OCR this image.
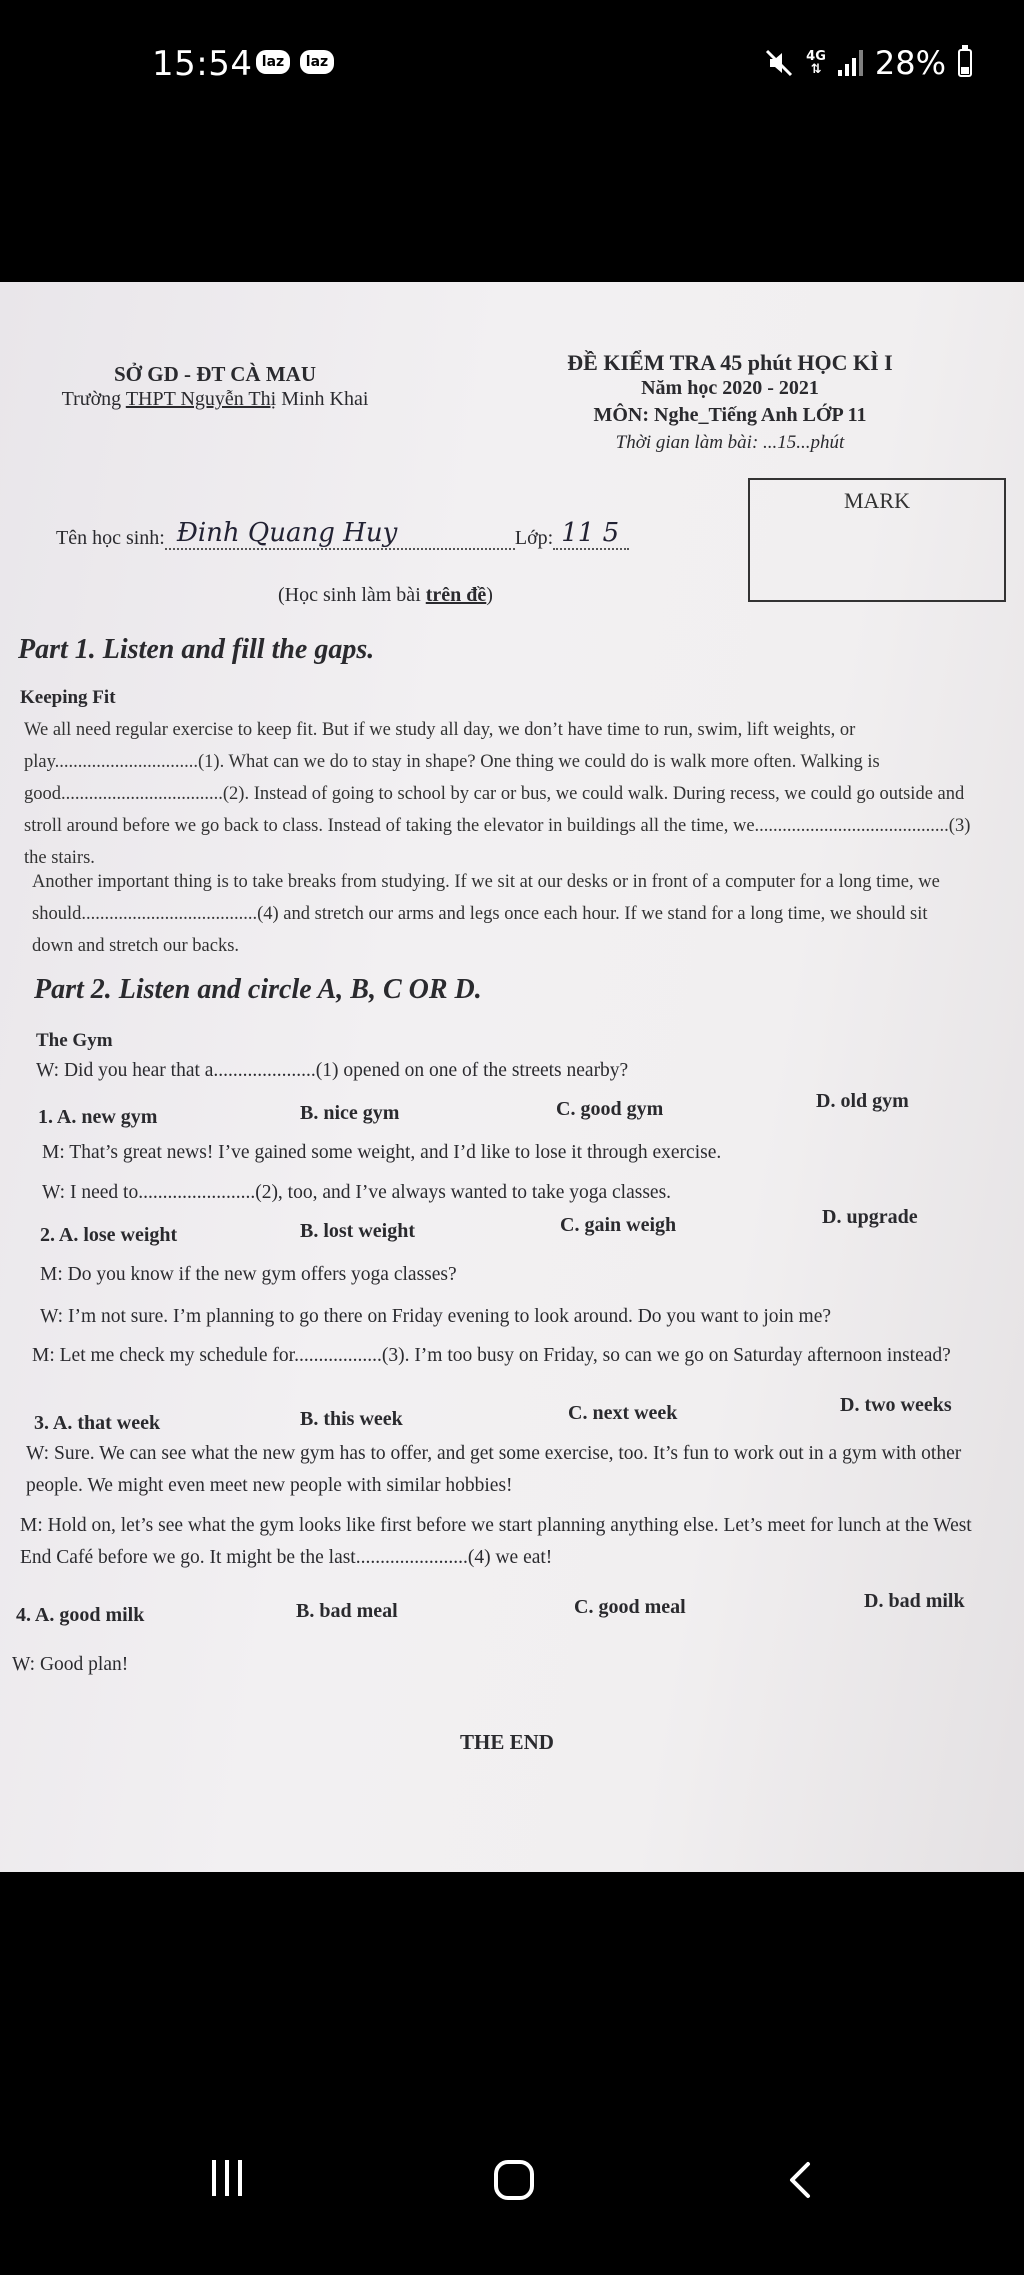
15:54 laz	laz	4G
⇅ 28%
SỞ GD - ĐT CÀ MAU
Trường THPT Nguyễn Thị Minh Khai
ĐỀ KIỂM TRA 45 phút HỌC KÌ I
Năm học 2020 - 2021
MÔN: Nghe_Tiếng Anh LỚP 11
Thời gian làm bài: ...15...phút
MARK
Tên học sinh: Đinh Quang Huy	Lớp: 11 5
(Học sinh làm bài trên đề)
Part 1. Listen and fill the gaps.
Keeping Fit
We all need regular exercise to keep fit. But if we study all day, we don’t have time to run, swim, lift weights, or play...............................(1). What can we do to stay in shape? One thing we could do is walk more often. Walking is good...................................(2). Instead of going to school by car or bus, we could walk. During recess, we could go outside and stroll around before we go back to class. Instead of taking the elevator in buildings all the time, we..........................................(3) the stairs.
Another important thing is to take breaks from studying. If we sit at our desks or in front of a computer for a long time, we should......................................(4) and stretch our arms and legs once each hour. If we stand for a long time, we should sit down and stretch our backs.
Part 2. Listen and circle A, B, C OR D.
The Gym
W: Did you hear that a.....................(1) opened on one of the streets nearby?
1. A. new gym	B. nice gym	C. good gym	D. old gym
M: That’s great news! I’ve gained some weight, and I’d like to lose it through exercise.
W: I need to........................(2), too, and I’ve always wanted to take yoga classes.
2. A. lose weight	B. lost weight	C. gain weigh	D. upgrade
M: Do you know if the new gym offers yoga classes?
W: I’m not sure. I’m planning to go there on Friday evening to look around. Do you want to join me?
M: Let me check my schedule for..................(3). I’m too busy on Friday, so can we go on Saturday afternoon instead?
3. A. that week	B. this week	C. next week	D. two weeks
W: Sure. We can see what the new gym has to offer, and get some exercise, too. It’s fun to work out in a gym with other people. We might even meet new people with similar hobbies!
M: Hold on, let’s see what the gym looks like first before we start planning anything else. Let’s meet for lunch at the West End Café before we go. It might be the last.......................(4) we eat!
4. A. good milk	B. bad meal	C. good meal	D. bad milk
W: Good plan!
THE END
